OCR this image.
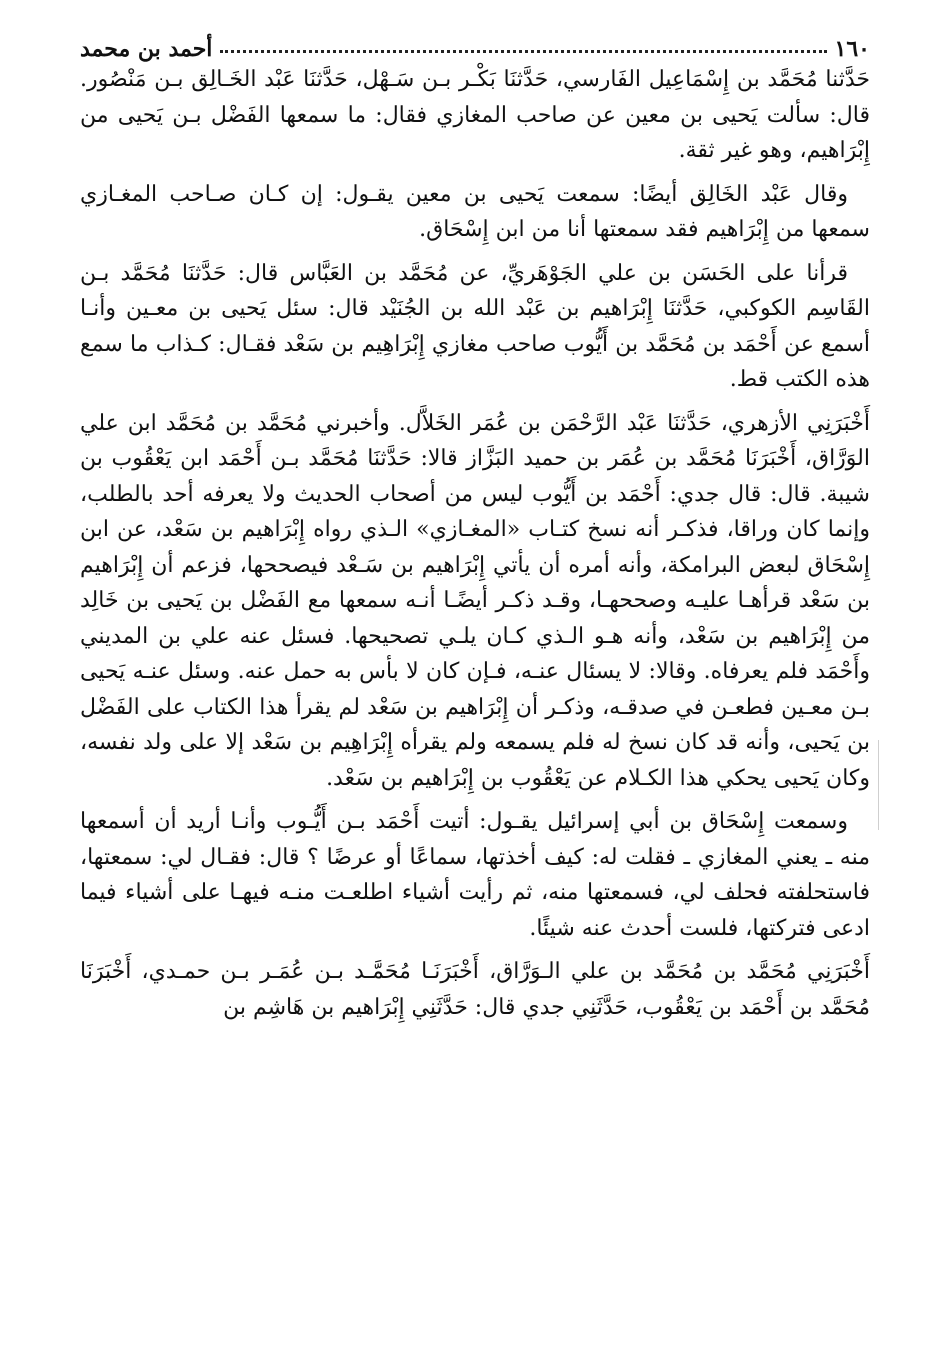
١٦٠
أحمد بن محمد

حَدَّثنا مُحَمَّد بن إِسْمَاعِيل الفَارسي، حَدَّثنَا بَكْـر بـن سَـهْل، حَدَّثنَا عَبْد الخَـالِق بـن مَنْصُور. قال: سألت يَحيى بن معين عن صاحب المغازي فقال: ما سمعها الفَضْل بـن يَحيى من إِبْرَاهيم، وهو غير ثقة.

وقال عَبْد الخَالِق أيضًا: سمعت يَحيى بن معين يقـول: إن كـان صـاحب المغـازي سمعها من إِبْرَاهيم فقد سمعتها أنا من ابن إِسْحَاق.

قرأنا على الحَسَن بن علي الجَوْهَريِّ، عن مُحَمَّد بن العَبَّاس قال: حَدَّثنَا مُحَمَّد بـن القَاسِم الكوكبي، حَدَّثنَا إِبْرَاهيم بن عَبْد الله بن الجُنَيْد قال: سئل يَحيى بن معـين وأنـا أسمع عن أَحْمَد بن مُحَمَّد بن أَيُّوب صاحب مغازي إِبْرَاهِيم بن سَعْد فقـال: كـذاب ما سمع هذه الكتب قط.

أَخْبَرَنِي الأزهري، حَدَّثنَا عَبْد الرَّحْمَن بن عُمَر الخَلاَّل. وأخبرني مُحَمَّد بن مُحَمَّد ابن علي الوَرَّاق، أَخْبَرَنَا مُحَمَّد بن عُمَر بن حميد البَزَّاز قالا: حَدَّثنَا مُحَمَّد بـن أَحْمَد ابن يَعْقُوب بن شيبة. قال: قال جدي: أَحْمَد بن أَيُّوب ليس من أصحاب الحديث ولا يعرفه أحد بالطلب، وإنما كان وراقا، فذكـر أنه نسخ كتـاب «المغـازي» الـذي رواه إِبْرَاهيم بن سَعْد، عن ابن إِسْحَاق لبعض البرامكة، وأنه أمره أن يأتي إِبْرَاهيم بن سَـعْد فيصححها، فزعم أن إِبْرَاهيم بن سَعْد قرأهـا عليـه وصححهـا، وقـد ذكـر أيضًـا أنـه سمعها مع الفَضْل بن يَحيى بن خَالِد من إِبْرَاهيم بن سَعْد، وأنه هـو الـذي كـان يلـي تصحيحها. فسئل عنه علي بن المديني وأَحْمَد فلم يعرفاه. وقالا: لا يسئال عنـه، فـإن كان لا بأس به حمل عنه. وسئل عنـه يَحيى بـن معـين فطعـن في صدقـه، وذكـر أن إِبْرَاهيم بن سَعْد لم يقرأ هذا الكتاب على الفَضْل بن يَحيى، وأنه قد كان نسخ له فلم يسمعه ولم يقرأه إِبْرَاهِيم بن سَعْد إلا على ولد نفسه، وكان يَحيى يحكي هذا الكـلام عن يَعْقُوب بن إِبْرَاهيم بن سَعْد.

وسمعت إِسْحَاق بن أبي إسرائيل يقـول: أتيت أَحْمَد بـن أَيُّـوب وأنـا أريد أن أسمعها منه ـ يعني المغازي ـ فقلت له: كيف أخذتها، سماعًا أو عرضًا ؟ قال: فقـال لي: سمعتها، فاستحلفته فحلف لي، فسمعتها منه، ثم رأيت أشياء اطلعـت منـه فيهـا على أشياء فيما ادعى فتركتها، فلست أحدث عنه شيئًا.

أَخْبَرَنِي مُحَمَّد بن مُحَمَّد بن علي الـوَرَّاق، أَخْبَرَنَـا مُحَمَّـد بـن عُمَـر بـن حمـدي، أَخْبَرَنَا مُحَمَّد بن أَحْمَد بن يَعْقُوب، حَدَّثَنِي جدي قال: حَدَّثَنِي إِبْرَاهيم بن هَاشِم بن
